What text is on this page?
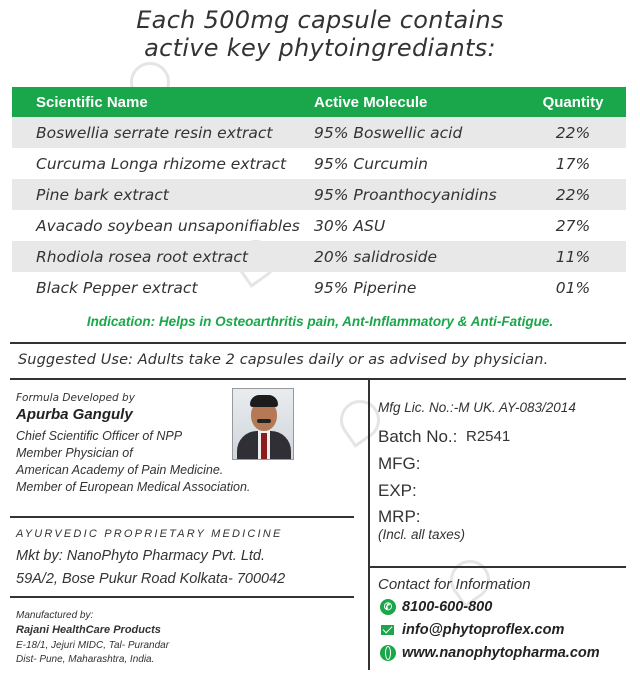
Each 500mg capsule contains
active key phytoingrediants:
Scientific Name	Active Molecule	Quantity
Boswellia serrate resin extract	95% Boswellic acid	22%
Curcuma Longa rhizome extract	95% Curcumin	17%
Pine bark extract	95% Proanthocyanidins	22%
Avacado soybean unsaponifiables 30% ASU	27%
Rhodiola rosea root extract	20% salidroside	11%
Black Pepper extract	95% Piperine	01%
Indication: Helps in Osteoarthritis pain, Ant-Inflammatory & Anti-Fatigue.
Suggested Use: Adults take 2 capsules daily or as advised by physician.
Formula Developed by
Apurba Ganguly
Chief Scientific Officer of NPP
Member Physician of
American Academy of Pain Medicine.
Member of European Medical Association.
AYURVEDIC PROPRIETARY MEDICINE
Mkt by: NanoPhyto Pharmacy Pvt. Ltd.
59A/2, Bose Pukur Road Kolkata- 700042
Manufactured by:
Rajani HealthCare Products
E-18/1, Jejuri MIDC, Tal- Purandar
Dist- Pune, Maharashtra, India.
Mfg Lic. No.:-M UK. AY-083/2014
Batch No.: R2541
MFG:
EXP:
MRP:
(Incl. all taxes)
Contact for Information
✆ 8100-600-800
info@phytoproflex.com
www.nanophytopharma.com
